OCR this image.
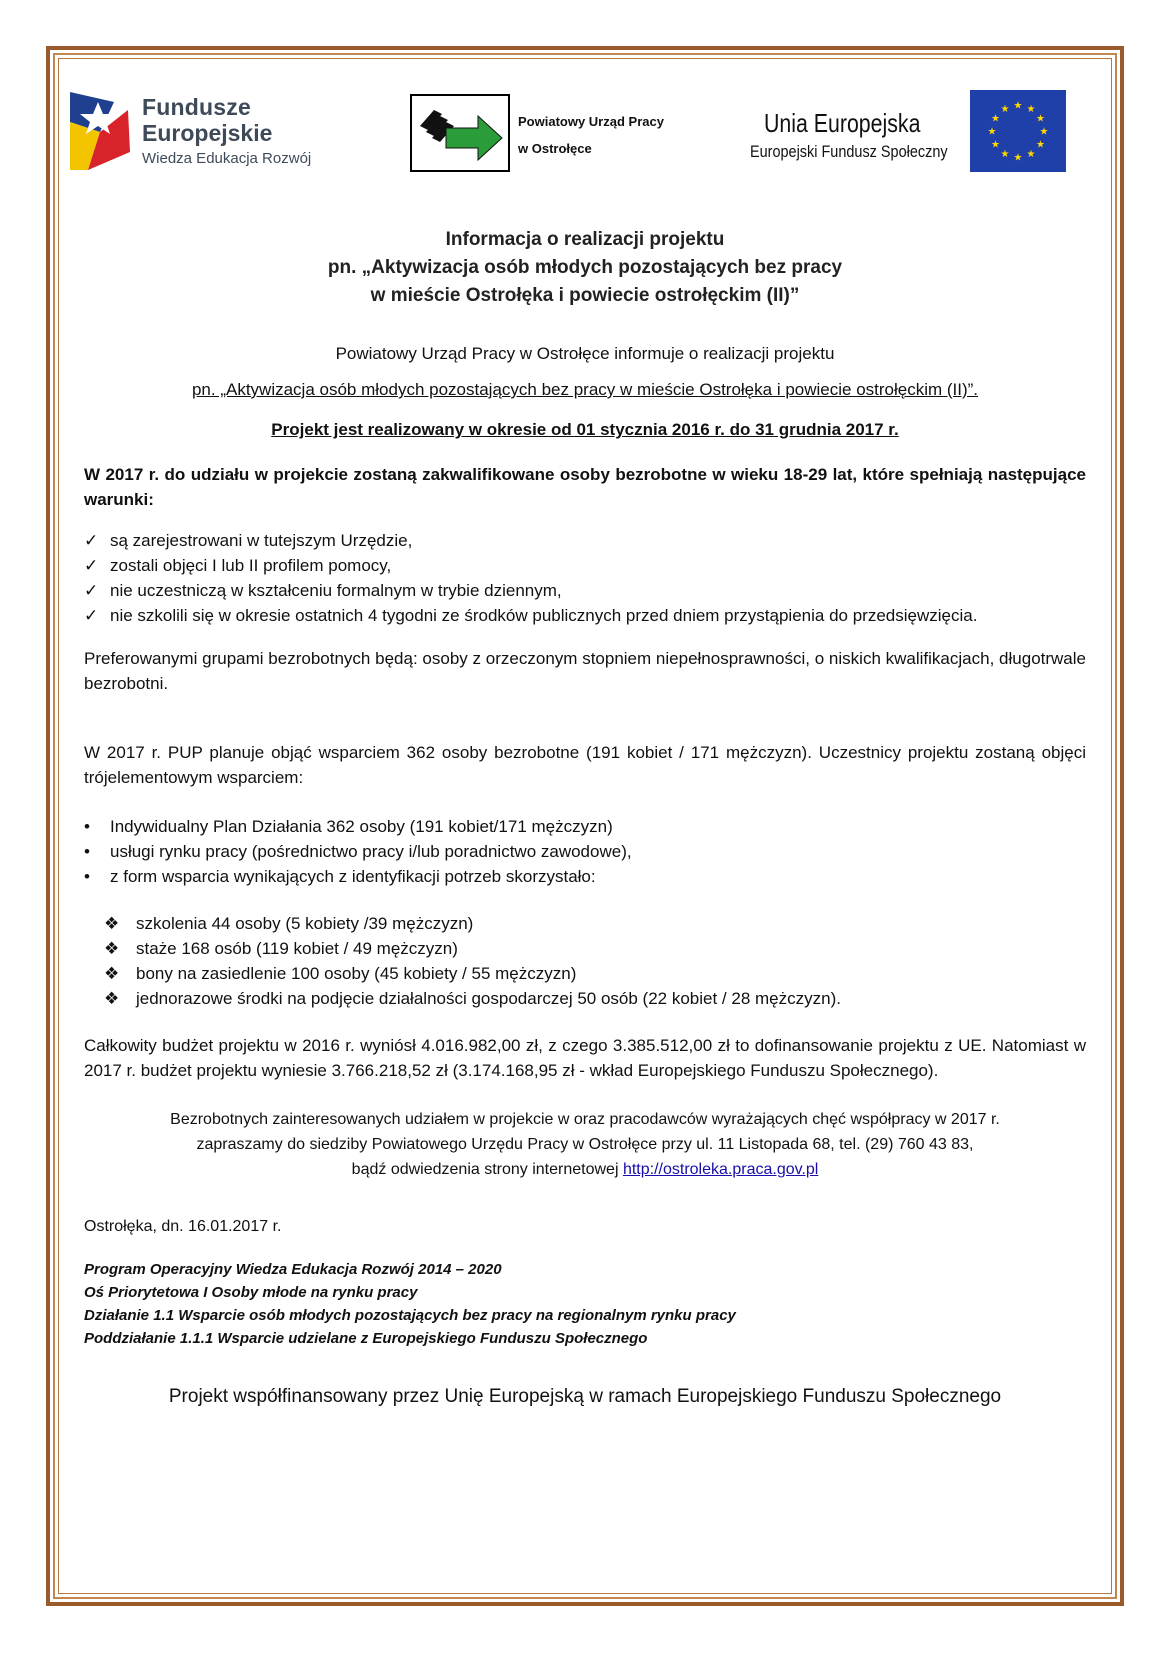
Fundusze
Europejskie
Wiedza Edukacja Rozwój
Powiatowy Urząd Pracy
w Ostrołęce
Unia Europejska
Europejski Fundusz Społeczny
★ ★
★
★
★
★
★
★
★
★
★
★
Informacja o realizacji projektu
pn. „Aktywizacja osób młodych pozostających bez pracy
w mieście Ostrołęka i powiecie ostrołęckim (II)”
Powiatowy Urząd Pracy w Ostrołęce informuje o realizacji projektu
pn. „Aktywizacja osób młodych pozostających bez pracy w mieście Ostrołęka i powiecie ostrołęckim (II)”.
Projekt jest realizowany w okresie od 01 stycznia 2016 r. do 31 grudnia 2017 r.
W 2017 r. do udziału w projekcie zostaną zakwalifikowane osoby bezrobotne w wieku 18-29 lat, które spełniają następujące warunki:
✓ są zarejestrowani w tutejszym Urzędzie,
✓ zostali objęci I lub II profilem pomocy,
✓ nie uczestniczą w kształceniu formalnym w trybie dziennym,
✓ nie szkolili się w okresie ostatnich 4 tygodni ze środków publicznych przed dniem przystąpienia do przedsięwzięcia.
Preferowanymi grupami bezrobotnych będą: osoby z orzeczonym stopniem niepełnosprawności, o niskich kwalifikacjach, długotrwale bezrobotni.
W 2017 r. PUP planuje objąć wsparciem 362 osoby bezrobotne (191 kobiet / 171 mężczyzn). Uczestnicy projektu zostaną objęci trójelementowym wsparciem:
• Indywidualny Plan Działania 362 osoby (191 kobiet/171 mężczyzn)
• usługi rynku pracy (pośrednictwo pracy i/lub poradnictwo zawodowe),
• z form wsparcia wynikających z identyfikacji potrzeb skorzystało:
❖ szkolenia 44 osoby (5 kobiety /39 mężczyzn)
❖ staże 168 osób (119 kobiet / 49 mężczyzn)
❖ bony na zasiedlenie 100 osoby (45 kobiety / 55 mężczyzn)
❖ jednorazowe środki na podjęcie działalności gospodarczej 50 osób (22 kobiet / 28 mężczyzn).
Całkowity budżet projektu w 2016 r. wyniósł 4.016.982,00 zł, z czego 3.385.512,00 zł to dofinansowanie projektu z UE. Natomiast w 2017 r. budżet projektu wyniesie 3.766.218,52 zł (3.174.168,95 zł - wkład Europejskiego Funduszu Społecznego).
Bezrobotnych zainteresowanych udziałem w projekcie w oraz pracodawców wyrażających chęć współpracy w 2017 r.
zapraszamy do siedziby Powiatowego Urzędu Pracy w Ostrołęce przy ul. 11 Listopada 68, tel. (29) 760 43 83,
bądź odwiedzenia strony internetowej http://ostroleka.praca.gov.pl
Ostrołęka, dn. 16.01.2017 r.
Program Operacyjny Wiedza Edukacja Rozwój 2014 – 2020
Oś Priorytetowa I Osoby młode na rynku pracy
Działanie 1.1 Wsparcie osób młodych pozostających bez pracy na regionalnym rynku pracy
Poddziałanie 1.1.1 Wsparcie udzielane z Europejskiego Funduszu Społecznego
Projekt współfinansowany przez Unię Europejską w ramach Europejskiego Funduszu Społecznego
